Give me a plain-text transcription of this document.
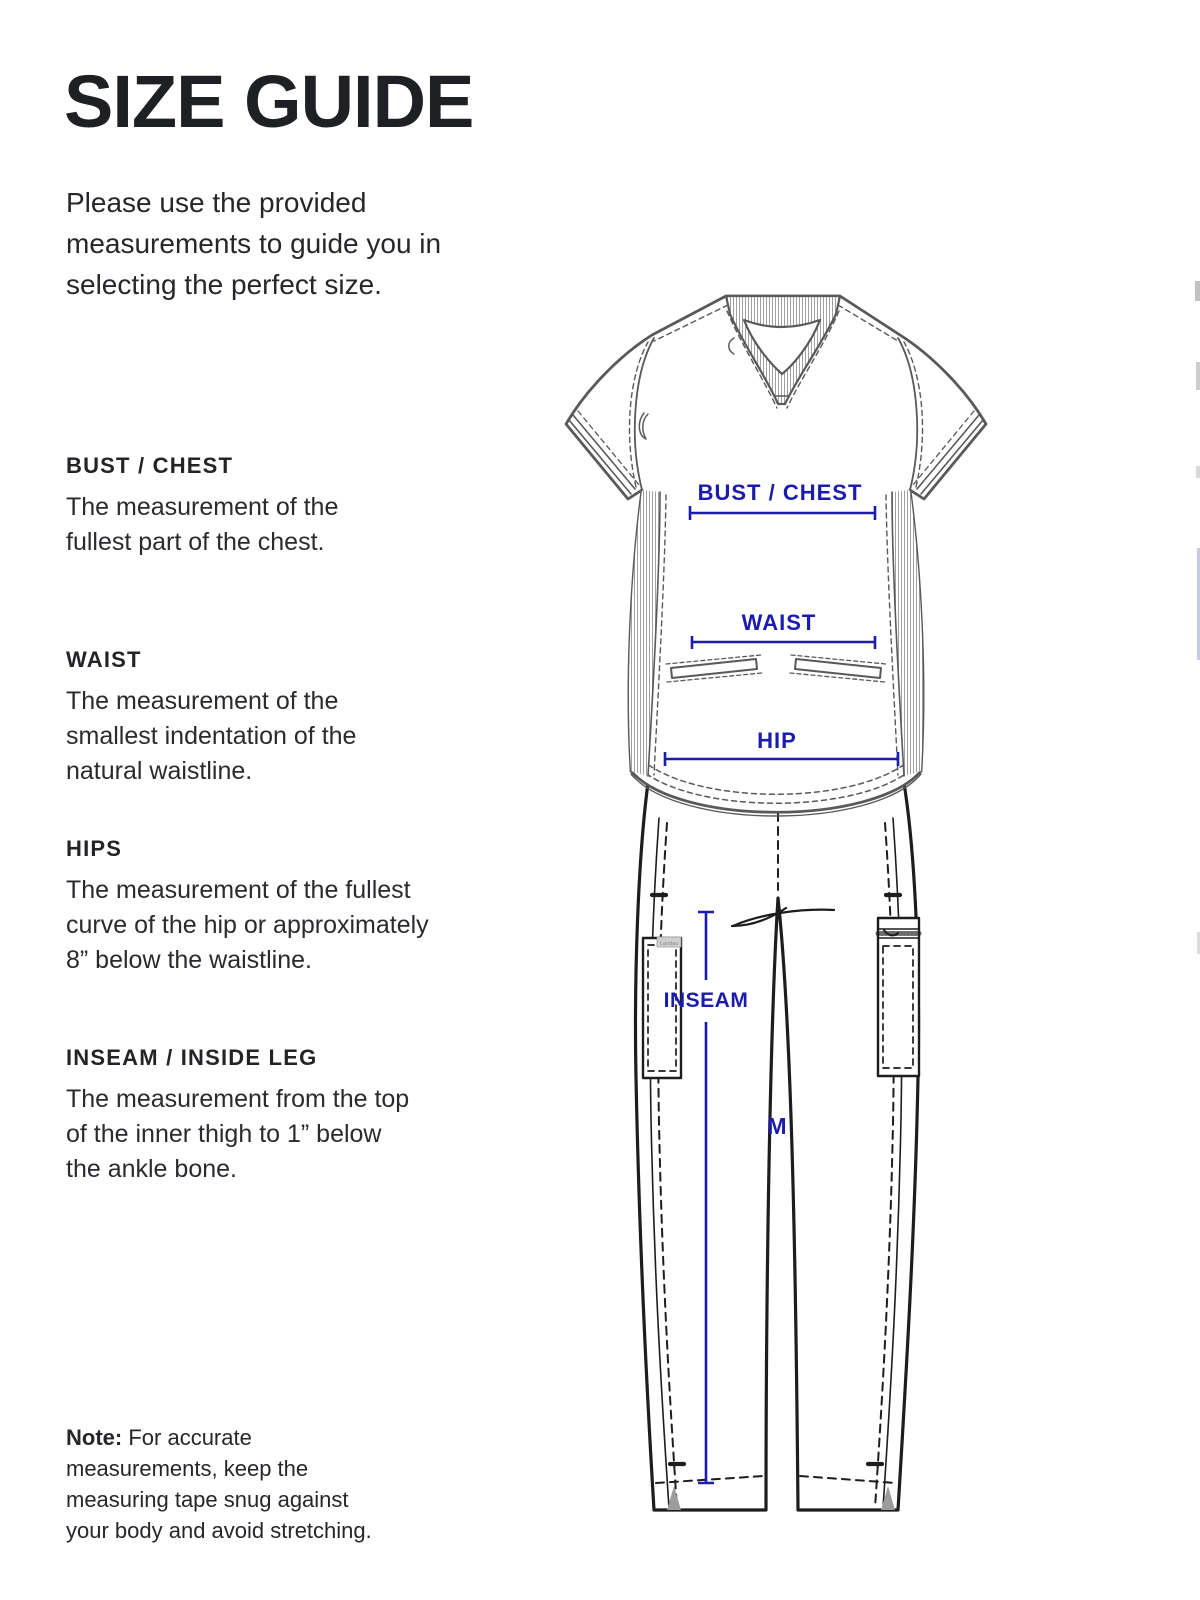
SIZE GUIDE
Please use the provided
measurements to guide you in
selecting the perfect size.
BUST / CHEST
The measurement of the
fullest part of the chest.
WAIST
The measurement of the
smallest indentation of the
natural waistline.
HIPS
The measurement of the fullest
curve of the hip or approximately
8” below the waistline.
INSEAM / INSIDE LEG
The measurement from the top
of the inner thigh to 1” below
the ankle bone.

Note: For accurate
measurements, keep the
measuring tape snug against
your body and avoid stretching.

Landau
BUST / CHEST
WAIST
HIP
INSEAM
M
